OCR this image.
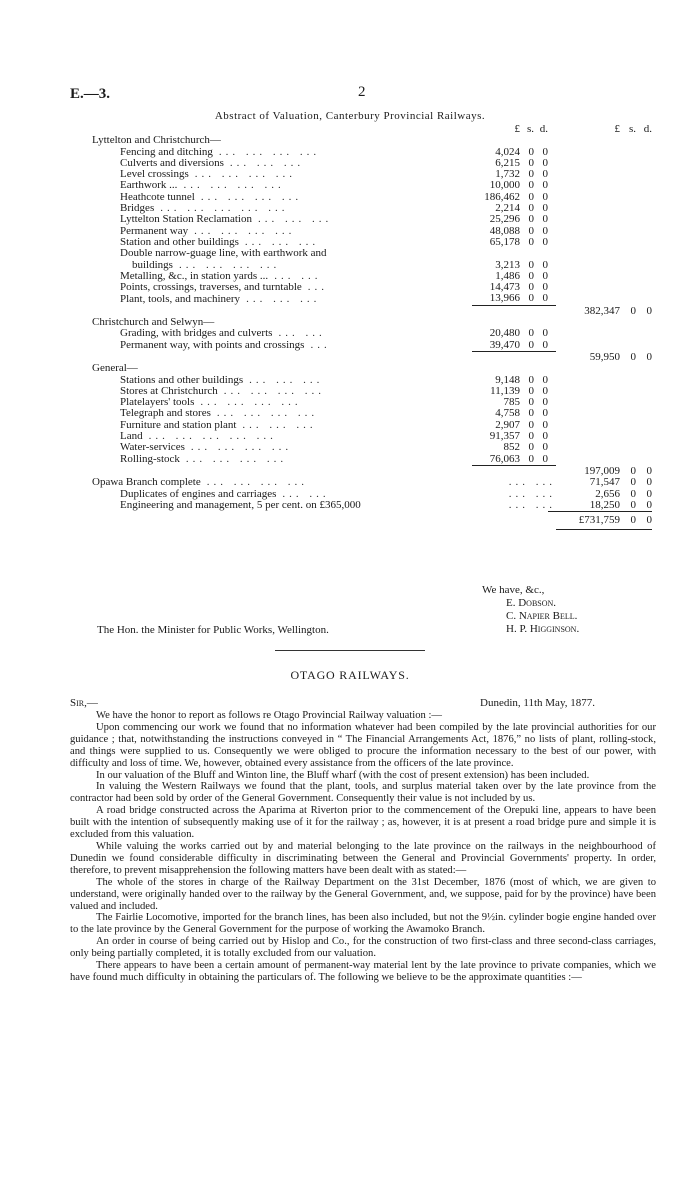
E.—3.	2
Abstract of Valuation, Canterbury Provincial Railways.
	£	s.	d.		£	s.	d.
Lyttelton and Christchurch—							
Fencing and ditching ... ... ... ...	4,024	0	0				
Culverts and diversions ... ... ...	6,215	0	0				
Level crossings ... ... ... ...	1,732	0	0				
Earthwork ... ... ... ... ...	10,000	0	0				
Heathcote tunnel ... ... ... ...	186,462	0	0				
Bridges ... ... ... ... ...	2,214	0	0				
Lyttelton Station Reclamation ... ... ...	25,296	0	0				
Permanent way ... ... ... ...	48,088	0	0				
Station and other buildings ... ... ...	65,178	0	0				
Double narrow-guage line, with earthwork and							
buildings ... ... ... ...	3,213	0	0				
Metalling, &c., in station yards ... ... ...	1,486	0	0				
Points, crossings, traverses, and turntable ...	14,473	0	0				
Plant, tools, and machinery ... ... ...	13,966	0	0				
					382,347	0	0
Christchurch and Selwyn—							
Grading, with bridges and culverts ... ...	20,480	0	0				
Permanent way, with points and crossings ...	39,470	0	0				
					59,950	0	0
General—							
Stations and other buildings ... ... ...	9,148	0	0				
Stores at Christchurch ... ... ... ...	11,139	0	0				
Platelayers' tools ... ... ... ...	785	0	0				
Telegraph and stores ... ... ... ...	4,758	0	0				
Furniture and station plant ... ... ...	2,907	0	0				
Land ... ... ... ... ...	91,357	0	0				
Water-services ... ... ... ...	852	0	0				
Rolling-stock ... ... ... ...	76,063	0	0				
					197,009	0	0
Opawa Branch complete ... ... ... ...	... ...				71,547	0	0
Duplicates of engines and carriages ... ...	... ...				2,656	0	0
Engineering and management, 5 per cent. on £365,000	... ...				18,250	0	0
					£731,759	0	0
We have, &c.,
E. Dobson.
C. Napier Bell.
H. P. Higginson.
The Hon. the Minister for Public Works, Wellington.
OTAGO RAILWAYS.
Sir,—	Dunedin, 11th May, 1877.

We have the honor to report as follows re Otago Provincial Railway valuation :—

Upon commencing our work we found that no information whatever had been compiled by the late provincial authorities for our guidance ; that, notwithstanding the instructions conveyed in “ The Financial Arrangements Act, 1876,” no lists of plant, rolling-stock, and things were supplied to us. Consequently we were obliged to procure the information necessary to the best of our power, with difficulty and loss of time. We, however, obtained every assistance from the officers of the late province.

In our valuation of the Bluff and Winton line, the Bluff wharf (with the cost of present extension) has been included.

In valuing the Western Railways we found that the plant, tools, and surplus material taken over by the late province from the contractor had been sold by order of the General Government. Consequently their value is not included by us.

A road bridge constructed across the Aparima at Riverton prior to the commencement of the Orepuki line, appears to have been built with the intention of subsequently making use of it for the railway ; as, however, it is at present a road bridge pure and simple it is excluded from this valuation.

While valuing the works carried out by and material belonging to the late province on the railways in the neighbourhood of Dunedin we found considerable difficulty in discriminating between the General and Provincial Governments' property. In order, therefore, to prevent misapprehension the following matters have been dealt with as stated:—

The whole of the stores in charge of the Railway Department on the 31st December, 1876 (most of which, we are given to understand, were originally handed over to the railway by the General Government, and, we suppose, paid for by the province) have been valued and included.

The Fairlie Locomotive, imported for the branch lines, has been also included, but not the 9½in. cylinder bogie engine handed over to the late province by the General Government for the purpose of working the Awamoko Branch.

An order in course of being carried out by Hislop and Co., for the construction of two first-class and three second-class carriages, only being partially completed, it is totally excluded from our valuation.

There appears to have been a certain amount of permanent-way material lent by the late province to private companies, which we have found much difficulty in obtaining the particulars of. The following we believe to be the approximate quantities :—
